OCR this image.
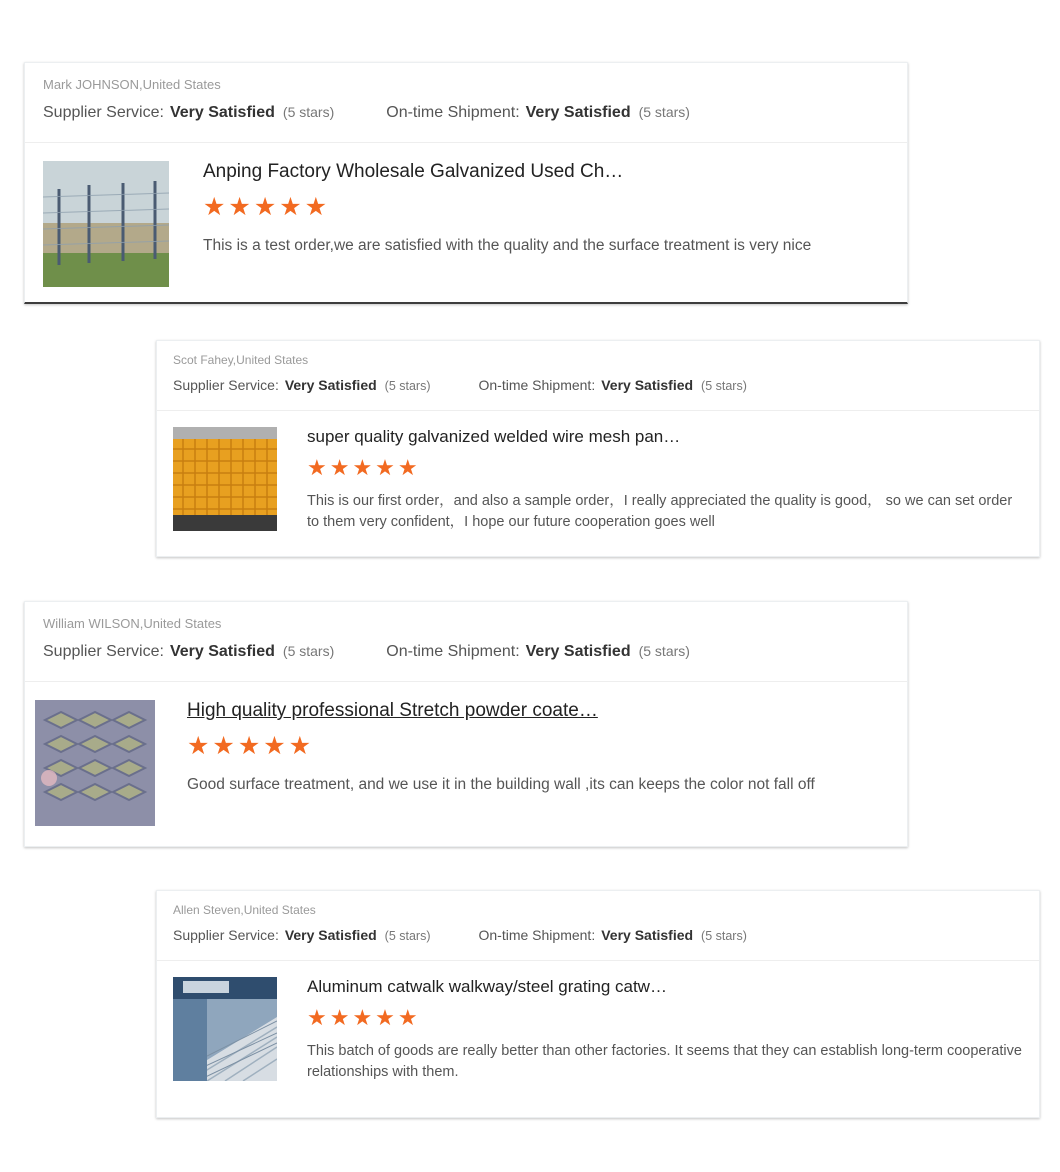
Mark JOHNSON,United States
Supplier Service: Very Satisfied (5 stars)	On-time Shipment: Very Satisfied (5 stars)
Anping Factory Wholesale Galvanized Used Ch…
★★★★★
This is a test order,we are satisfied with the quality and the surface treatment is very nice
Scot Fahey,United States
Supplier Service: Very Satisfied (5 stars)	On-time Shipment: Very Satisfied (5 stars)
super quality galvanized welded wire mesh pan…
★★★★★
This is our first order，and also a sample order，I really appreciated the quality is good， so we can set order to them very confident，I hope our future cooperation goes well
William WILSON,United States
Supplier Service: Very Satisfied (5 stars)	On-time Shipment: Very Satisfied (5 stars)
High quality professional Stretch powder coate…
★★★★★
Good surface treatment, and we use it in the building wall ,its can keeps the color not fall off
Allen Steven,United States
Supplier Service: Very Satisfied (5 stars)	On-time Shipment: Very Satisfied (5 stars)
Aluminum catwalk walkway/steel grating catw…
★★★★★
This batch of goods are really better than other factories. It seems that they can establish long-term cooperative relationships with them.
